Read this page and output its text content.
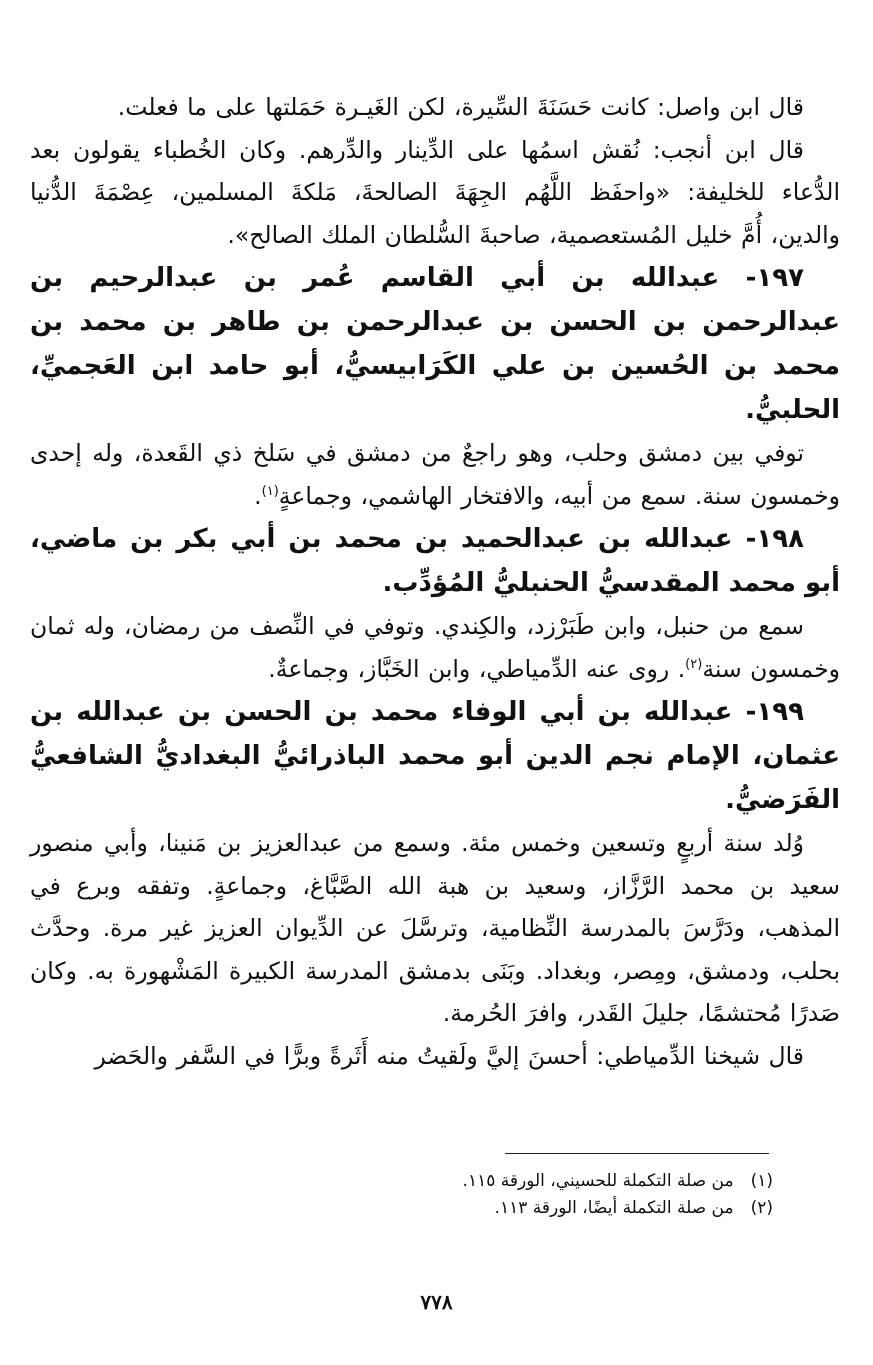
قال ابن واصل: كانت حَسَنَةَ السِّيرة، لكن الغَيـرة حَمَلتها على ما فعلت.

قال ابن أنجب: نُقش اسمُها على الدِّينار والدِّرهم. وكان الخُطباء يقولون بعد الدُّعاء للخليفة: «واحفَظ اللَّهُم الجِهَةَ الصالحةَ، مَلكةَ المسلمين، عِصْمَةَ الدُّنيا والدين، أُمَّ خليل المُستعصمية، صاحبةَ السُّلطان الملك الصالح».

١٩٧- عبدالله بن أبي القاسم عُمر بن عبدالرحيم بن عبدالرحمن بن الحسن بن عبدالرحمن بن طاهر بن محمد بن محمد بن الحُسين بن علي الكَرَابيسيُّ، أبو حامد ابن العَجميِّ، الحلبيُّ.

توفي بين دمشق وحلب، وهو راجعٌ من دمشق في سَلخ ذي القَعدة، وله إحدى وخمسون سنة. سمع من أبيه، والافتخار الهاشمي، وجماعةٍ$^{(١)}$.

١٩٨- عبدالله بن عبدالحميد بن محمد بن أبي بكر بن ماضي، أبو محمد المقدسيُّ الحنبليُّ المُؤدِّب.

سمع من حنبل، وابن طَبَرْزد، والكِندي. وتوفي في النِّصف من رمضان، وله ثمان وخمسون سنة$^{(٢)}$. روى عنه الدِّمياطي، وابن الخَبَّاز، وجماعةٌ.

١٩٩- عبدالله بن أبي الوفاء محمد بن الحسن بن عبدالله بن عثمان، الإمام نجم الدين أبو محمد الباذرائيُّ البغداديُّ الشافعيُّ الفَرَضيُّ.

وُلد سنة أربعٍ وتسعين وخمس مئة. وسمع من عبدالعزيز بن مَنينا، وأبي منصور سعيد بن محمد الرَّزَّاز، وسعيد بن هبة الله الصَّبَّاغ، وجماعةٍ. وتفقه وبرع في المذهب، ودَرَّسَ بالمدرسة النِّظامية، وترسَّلَ عن الدِّيوان العزيز غير مرة. وحدَّث بحلب، ودمشق، ومِصر، وبغداد. وبَنَى بدمشق المدرسة الكبيرة المَشْهورة به. وكان صَدرًا مُحتشمًا، جليلَ القَدر، وافرَ الحُرمة.

قال شيخنا الدِّمياطي: أحسنَ إليَّ ولَقيتُ منه أَثَرةً وبرًّا في السَّفر والحَضر

(١) من صلة التكملة للحسيني، الورقة ١١٥.

(٢) من صلة التكملة أيضًا، الورقة ١١٣.

٧٧٨
